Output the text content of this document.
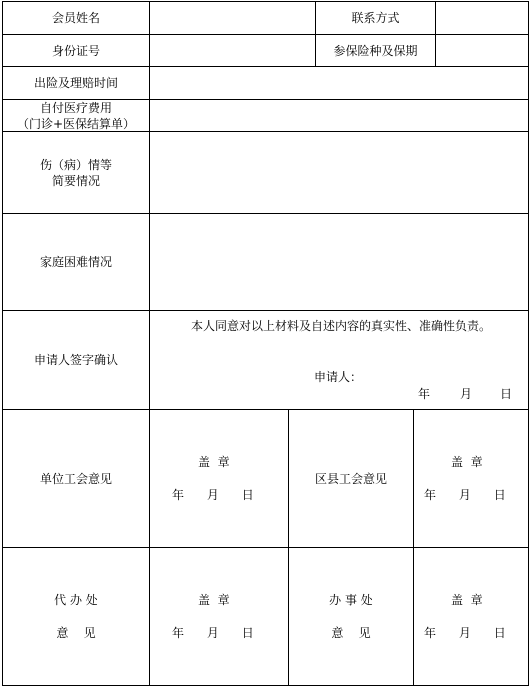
会员姓名	联系方式
身份证号	参保险种及保期
出险及理赔时间
自付医疗费用
（门诊+医保结算单）
伤（病）情等
简要情况
家庭困难情况
申请人签字确认
本人同意对以上材料及自述内容的真实性、准确性负责。
申请人：
年 月 日
单位工会意见
盖  章
年      月      日
区县工会意见
盖  章
年      月      日
代 办 处
意    见
盖  章
年      月      日
办 事 处
意    见
盖  章
年      月      日
